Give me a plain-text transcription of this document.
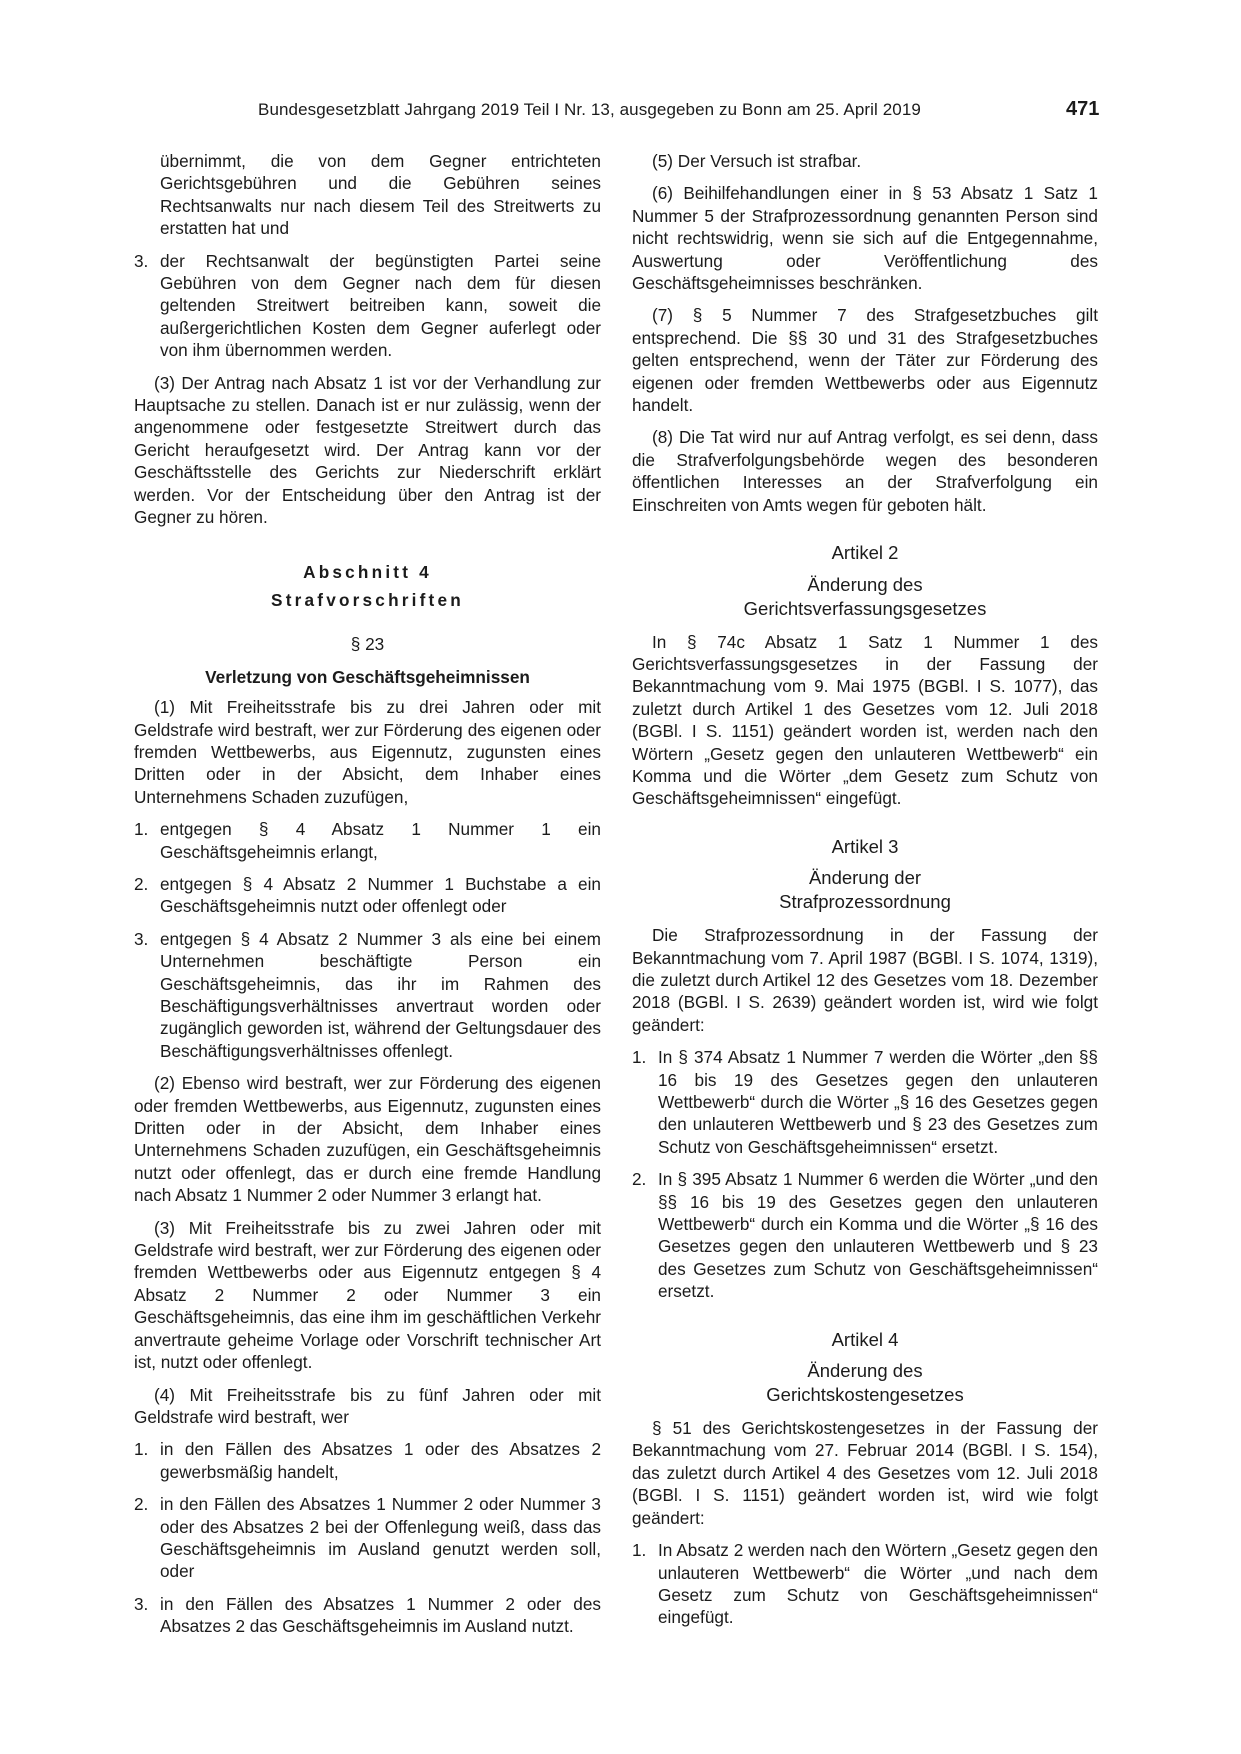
Bundesgesetzblatt Jahrgang 2019 Teil I Nr. 13, ausgegeben zu Bonn am 25. April 2019	471
übernimmt, die von dem Gegner entrichteten Gerichtsgebühren und die Gebühren seines Rechtsanwalts nur nach diesem Teil des Streitwerts zu erstatten hat und
3. der Rechtsanwalt der begünstigten Partei seine Gebühren von dem Gegner nach dem für diesen geltenden Streitwert beitreiben kann, soweit die außergerichtlichen Kosten dem Gegner auferlegt oder von ihm übernommen werden.

(3) Der Antrag nach Absatz 1 ist vor der Verhandlung zur Hauptsache zu stellen. Danach ist er nur zulässig, wenn der angenommene oder festgesetzte Streitwert durch das Gericht heraufgesetzt wird. Der Antrag kann vor der Geschäftsstelle des Gerichts zur Niederschrift erklärt werden. Vor der Entscheidung über den Antrag ist der Gegner zu hören.

Abschnitt 4

Strafvorschriften

§ 23

Verletzung von Geschäftsgeheimnissen

(1) Mit Freiheitsstrafe bis zu drei Jahren oder mit Geldstrafe wird bestraft, wer zur Förderung des eigenen oder fremden Wettbewerbs, aus Eigennutz, zugunsten eines Dritten oder in der Absicht, dem Inhaber eines Unternehmens Schaden zuzufügen,

1. entgegen § 4 Absatz 1 Nummer 1 ein Geschäftsgeheimnis erlangt,
2. entgegen § 4 Absatz 2 Nummer 1 Buchstabe a ein Geschäftsgeheimnis nutzt oder offenlegt oder
3. entgegen § 4 Absatz 2 Nummer 3 als eine bei einem Unternehmen beschäftigte Person ein Geschäftsgeheimnis, das ihr im Rahmen des Beschäftigungsverhältnisses anvertraut worden oder zugänglich geworden ist, während der Geltungsdauer des Beschäftigungsverhältnisses offenlegt.

(2) Ebenso wird bestraft, wer zur Förderung des eigenen oder fremden Wettbewerbs, aus Eigennutz, zugunsten eines Dritten oder in der Absicht, dem Inhaber eines Unternehmens Schaden zuzufügen, ein Geschäftsgeheimnis nutzt oder offenlegt, das er durch eine fremde Handlung nach Absatz 1 Nummer 2 oder Nummer 3 erlangt hat.

(3) Mit Freiheitsstrafe bis zu zwei Jahren oder mit Geldstrafe wird bestraft, wer zur Förderung des eigenen oder fremden Wettbewerbs oder aus Eigennutz entgegen § 4 Absatz 2 Nummer 2 oder Nummer 3 ein Geschäftsgeheimnis, das eine ihm im geschäftlichen Verkehr anvertraute geheime Vorlage oder Vorschrift technischer Art ist, nutzt oder offenlegt.

(4) Mit Freiheitsstrafe bis zu fünf Jahren oder mit Geldstrafe wird bestraft, wer

1. in den Fällen des Absatzes 1 oder des Absatzes 2 gewerbsmäßig handelt,
2. in den Fällen des Absatzes 1 Nummer 2 oder Nummer 3 oder des Absatzes 2 bei der Offenlegung weiß, dass das Geschäftsgeheimnis im Ausland genutzt werden soll, oder
3. in den Fällen des Absatzes 1 Nummer 2 oder des Absatzes 2 das Geschäftsgeheimnis im Ausland nutzt.

(5) Der Versuch ist strafbar.

(6) Beihilfehandlungen einer in § 53 Absatz 1 Satz 1 Nummer 5 der Strafprozessordnung genannten Person sind nicht rechtswidrig, wenn sie sich auf die Entgegennahme, Auswertung oder Veröffentlichung des Geschäftsgeheimnisses beschränken.

(7) § 5 Nummer 7 des Strafgesetzbuches gilt entsprechend. Die §§ 30 und 31 des Strafgesetzbuches gelten entsprechend, wenn der Täter zur Förderung des eigenen oder fremden Wettbewerbs oder aus Eigennutz handelt.

(8) Die Tat wird nur auf Antrag verfolgt, es sei denn, dass die Strafverfolgungsbehörde wegen des besonderen öffentlichen Interesses an der Strafverfolgung ein Einschreiten von Amts wegen für geboten hält.

Artikel 2

Änderung des
Gerichtsverfassungsgesetzes

In § 74c Absatz 1 Satz 1 Nummer 1 des Gerichtsverfassungsgesetzes in der Fassung der Bekanntmachung vom 9. Mai 1975 (BGBl. I S. 1077), das zuletzt durch Artikel 1 des Gesetzes vom 12. Juli 2018 (BGBl. I S. 1151) geändert worden ist, werden nach den Wörtern „Gesetz gegen den unlauteren Wettbewerb“ ein Komma und die Wörter „dem Gesetz zum Schutz von Geschäftsgeheimnissen“ eingefügt.

Artikel 3

Änderung der
Strafprozessordnung

Die Strafprozessordnung in der Fassung der Bekanntmachung vom 7. April 1987 (BGBl. I S. 1074, 1319), die zuletzt durch Artikel 12 des Gesetzes vom 18. Dezember 2018 (BGBl. I S. 2639) geändert worden ist, wird wie folgt geändert:

1. In § 374 Absatz 1 Nummer 7 werden die Wörter „den §§ 16 bis 19 des Gesetzes gegen den unlauteren Wettbewerb“ durch die Wörter „§ 16 des Gesetzes gegen den unlauteren Wettbewerb und § 23 des Gesetzes zum Schutz von Geschäftsgeheimnissen“ ersetzt.
2. In § 395 Absatz 1 Nummer 6 werden die Wörter „und den §§ 16 bis 19 des Gesetzes gegen den unlauteren Wettbewerb“ durch ein Komma und die Wörter „§ 16 des Gesetzes gegen den unlauteren Wettbewerb und § 23 des Gesetzes zum Schutz von Geschäftsgeheimnissen“ ersetzt.

Artikel 4

Änderung des
Gerichtskostengesetzes

§ 51 des Gerichtskostengesetzes in der Fassung der Bekanntmachung vom 27. Februar 2014 (BGBl. I S. 154), das zuletzt durch Artikel 4 des Gesetzes vom 12. Juli 2018 (BGBl. I S. 1151) geändert worden ist, wird wie folgt geändert:

1. In Absatz 2 werden nach den Wörtern „Gesetz gegen den unlauteren Wettbewerb“ die Wörter „und nach dem Gesetz zum Schutz von Geschäftsgeheimnissen“ eingefügt.
